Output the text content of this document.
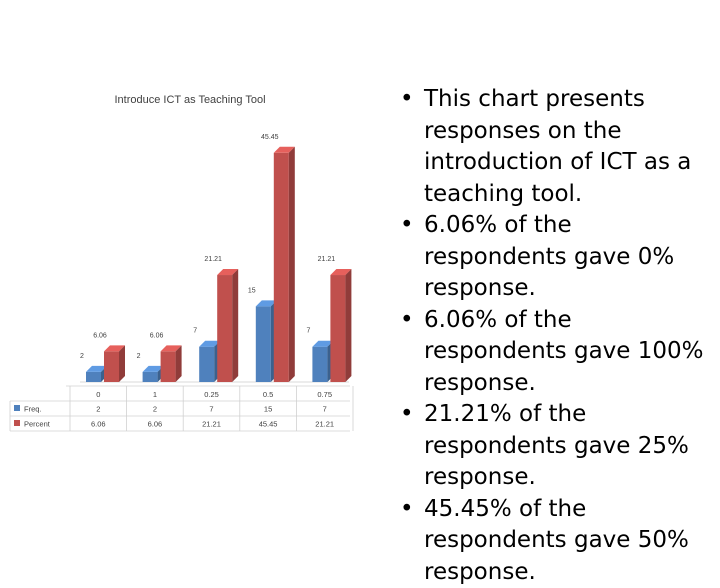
Introduce ICT as Teaching Tool
2
6.06
2
6.06
7
21.21
15
45.45
7
21.21
0	1	0.25	0.5	0.75
Freq.	2	2	7	15	7
Percent	6.06	6.06	21.21	45.45	21.21
• This chart presents responses on the introduction of ICT as a teaching tool.
• 6.06% of the respondents gave 0% response.
• 6.06% of the respondents gave 100% response.
• 21.21% of the respondents gave 25% response.
• 45.45% of the respondents gave 50% response.
